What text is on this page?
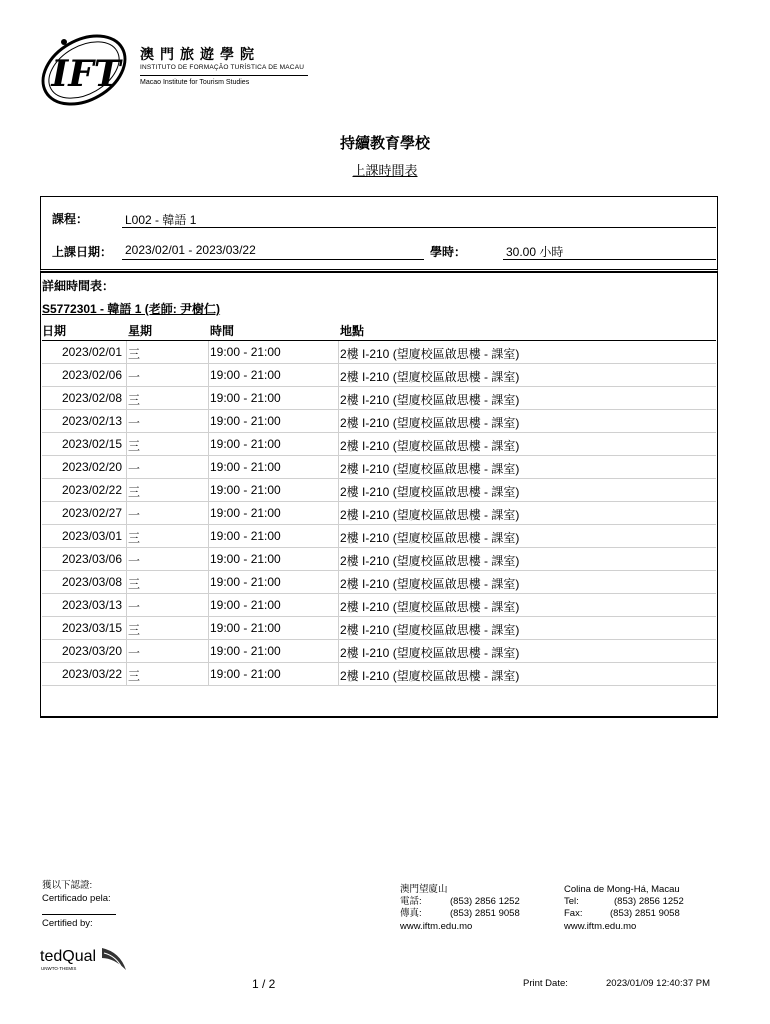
IFT 澳門旅遊學院
INSTITUTO DE FORMAÇÃO TURÍSTICA DE MACAU
Macao Institute for Tourism Studies
持續教育學校
上課時間表
課程：	L002 - 韓語 1
上課日期： 2023/02/01 - 2023/03/22	學時：	30.00 小時
詳細時間表：
S5772301 - 韓語 1 (老師: 尹樹仁)
日期	星期	時間	地點
2023/02/01 三	19:00 - 21:00	2樓 I-210 (望廈校區啟思樓 - 課室)
2023/02/06 一	19:00 - 21:00	2樓 I-210 (望廈校區啟思樓 - 課室)
2023/02/08 三	19:00 - 21:00	2樓 I-210 (望廈校區啟思樓 - 課室)
2023/02/13 一	19:00 - 21:00	2樓 I-210 (望廈校區啟思樓 - 課室)
2023/02/15 三	19:00 - 21:00	2樓 I-210 (望廈校區啟思樓 - 課室)
2023/02/20 一	19:00 - 21:00	2樓 I-210 (望廈校區啟思樓 - 課室)
2023/02/22 三	19:00 - 21:00	2樓 I-210 (望廈校區啟思樓 - 課室)
2023/02/27 一	19:00 - 21:00	2樓 I-210 (望廈校區啟思樓 - 課室)
2023/03/01 三	19:00 - 21:00	2樓 I-210 (望廈校區啟思樓 - 課室)
2023/03/06 一	19:00 - 21:00	2樓 I-210 (望廈校區啟思樓 - 課室)
2023/03/08 三	19:00 - 21:00	2樓 I-210 (望廈校區啟思樓 - 課室)
2023/03/13 一	19:00 - 21:00	2樓 I-210 (望廈校區啟思樓 - 課室)
2023/03/15 三	19:00 - 21:00	2樓 I-210 (望廈校區啟思樓 - 課室)
2023/03/20 一	19:00 - 21:00	2樓 I-210 (望廈校區啟思樓 - 課室)
2023/03/22 三	19:00 - 21:00	2樓 I-210 (望廈校區啟思樓 - 課室)
獲以下認證:
Certificado pela:
Certified by:
tedQual
UNWTO·THEMIS
澳門望廈山
電話:	(853) 2856 1252
傳真:	(853) 2851 9058
www.iftm.edu.mo
Colina de Mong-Há, Macau
Tel:	(853) 2856 1252
Fax:	(853) 2851 9058
www.iftm.edu.mo
1 / 2	Print Date:	2023/01/09 12:40:37 PM
